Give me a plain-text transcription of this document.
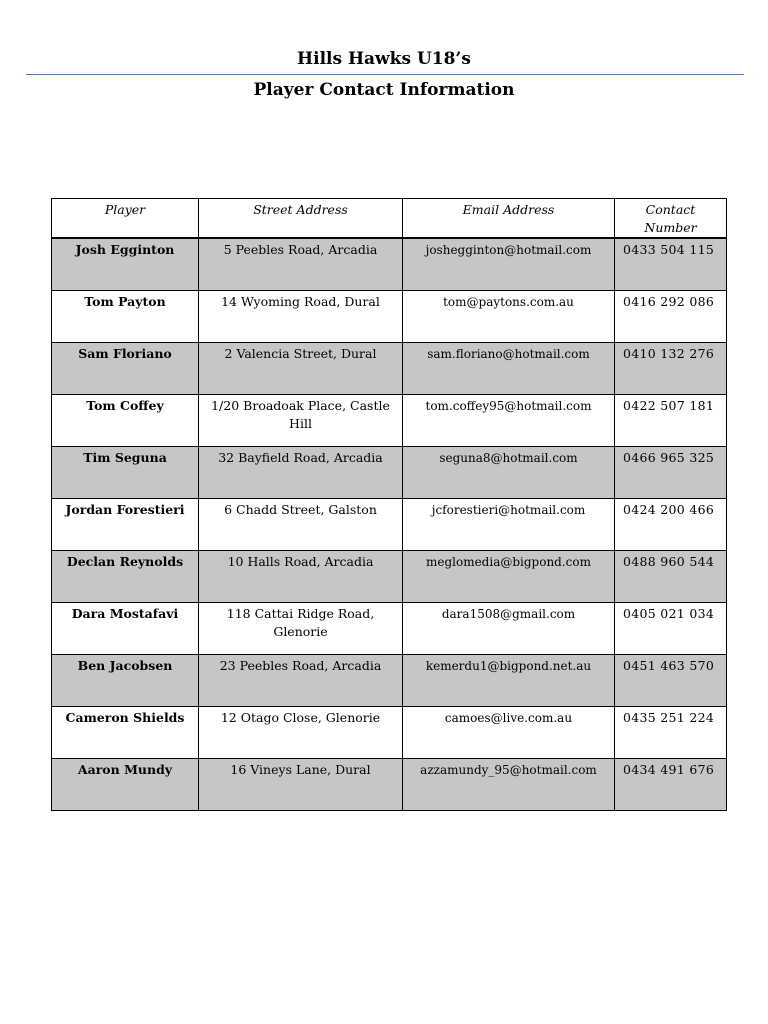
Hills Hawks U18’s
Player Contact Information
Player	Street Address	Email Address	Contact Number
Josh Egginton	5 Peebles Road, Arcadia	joshegginton@hotmail.com	0433 504 115
Tom Payton	14 Wyoming Road, Dural	tom@paytons.com.au	0416 292 086
Sam Floriano	2 Valencia Street, Dural	sam.floriano@hotmail.com	0410 132 276
Tom Coffey	1/20 Broadoak Place, Castle Hill	tom.coffey95@hotmail.com	0422 507 181
Tim Seguna	32 Bayfield Road, Arcadia	seguna8@hotmail.com	0466 965 325
Jordan Forestieri	6 Chadd Street, Galston	jcforestieri@hotmail.com	0424 200 466
Declan Reynolds	10 Halls Road, Arcadia	meglomedia@bigpond.com	0488 960 544
Dara Mostafavi	118 Cattai Ridge Road, Glenorie	dara1508@gmail.com	0405 021 034
Ben Jacobsen	23 Peebles Road, Arcadia	kemerdu1@bigpond.net.au	0451 463 570
Cameron Shields	12 Otago Close, Glenorie	camoes@live.com.au	0435 251 224
Aaron Mundy	16 Vineys Lane, Dural	azzamundy_95@hotmail.com	0434 491 676
